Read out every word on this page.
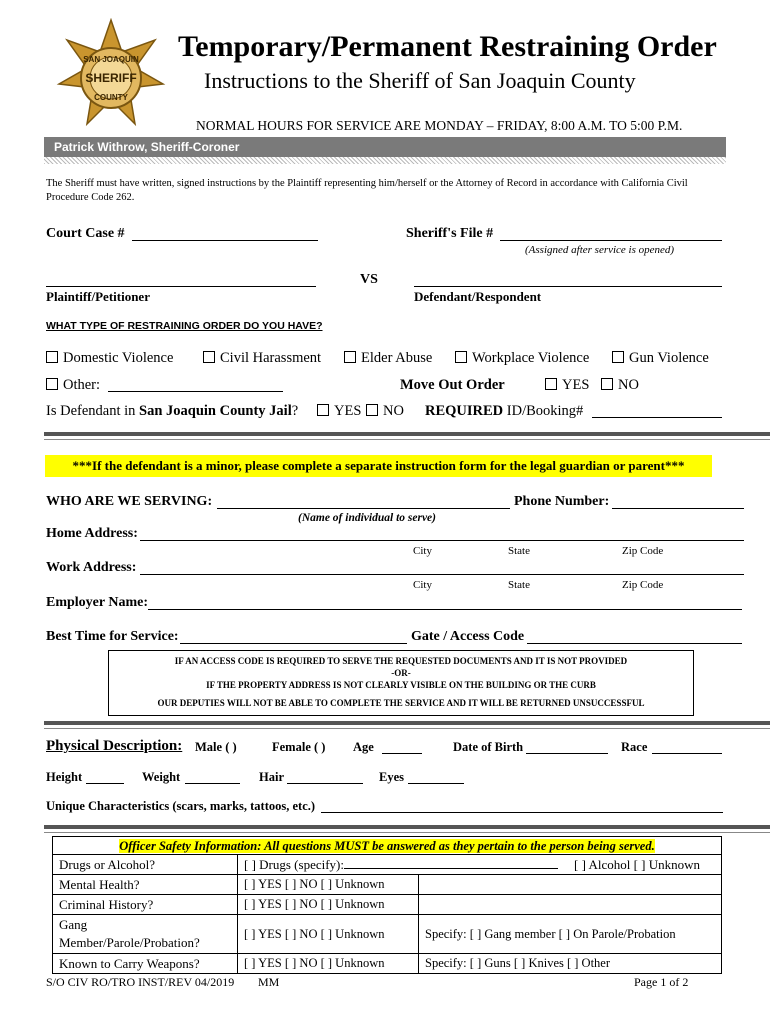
SAN JOAQUIN
SHERIFF
COUNTY
Temporary/Permanent Restraining Order
Instructions to the Sheriff of San Joaquin County
NORMAL HOURS FOR SERVICE ARE MONDAY – FRIDAY, 8:00 A.M. TO 5:00 P.M.
Patrick Withrow, Sheriff-Coroner
The Sheriff must have written, signed instructions by the Plaintiff representing him/herself or the Attorney of Record in accordance with California Civil Procedure Code 262.
Court Case #	Sheriff's File #
(Assigned after service is opened)
VS
Plaintiff/Petitioner	Defendant/Respondent
WHAT TYPE OF RESTRAINING ORDER DO YOU HAVE?
Domestic Violence	Civil Harassment	Elder Abuse	Workplace Violence	Gun Violence
Other:	Move Out Order	YES	NO
Is Defendant in San Joaquin County Jail?	YES	NO REQUIRED ID/Booking#
***If the defendant is a minor, please complete a separate instruction form for the legal guardian or parent***
WHO ARE WE SERVING:	Phone Number:
(Name of individual to serve)
Home Address:
City	State	Zip Code
Work Address:
City	State	Zip Code
Employer Name:
Best Time for Service:	Gate / Access Code
IF AN ACCESS CODE IS REQUIRED TO SERVE THE REQUESTED DOCUMENTS AND IT IS NOT PROVIDED
-OR-
IF THE PROPERTY ADDRESS IS NOT CLEARLY VISIBLE ON THE BUILDING OR THE CURB
OUR DEPUTIES WILL NOT BE ABLE TO COMPLETE THE SERVICE AND IT WILL BE RETURNED UNSUCCESSFUL
Physical Description: Male ( )	Female ( ) Age	Date of Birth	Race
Height	Weight	Hair	Eyes
Unique Characteristics (scars, marks, tattoos, etc.)
Officer Safety Information: All questions MUST be answered as they pertain to the person being served.		
Drugs or Alcohol?	[ ] Drugs (specify): [ ] Alcohol [ ] Unknown	
Mental Health?	[ ] YES [ ] NO [ ] Unknown	
Criminal History?	[ ] YES [ ] NO [ ] Unknown	
Gang Member/Parole/Probation?	[ ] YES [ ] NO [ ] Unknown	Specify: [ ] Gang member [ ] On Parole/Probation
Known to Carry Weapons?	[ ] YES [ ] NO [ ] Unknown	Specify: [ ] Guns [ ] Knives [ ] Other
S/O CIV RO/TRO INST/REV 04/2019 MM	Page 1 of 2
